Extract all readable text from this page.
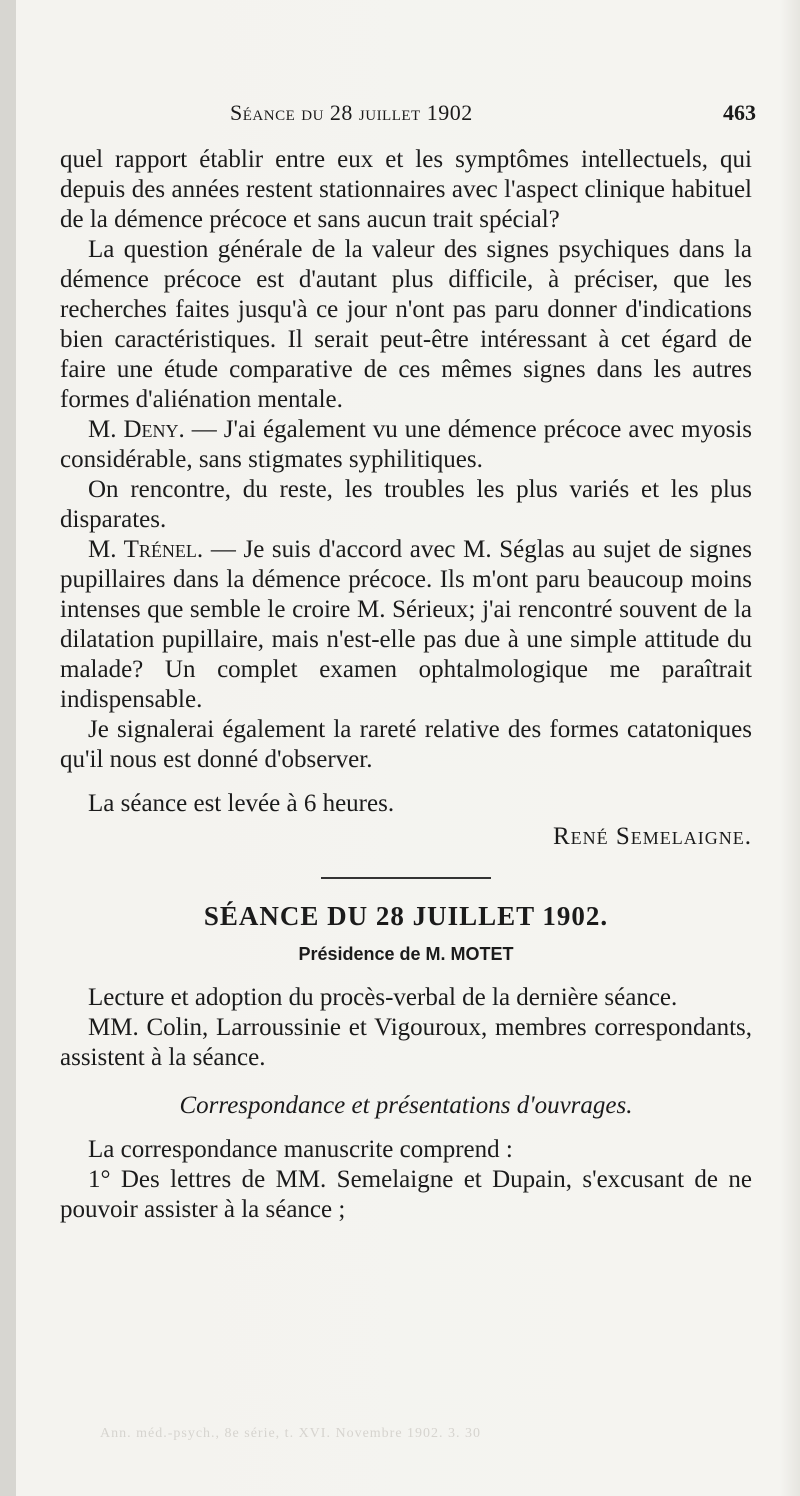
Séance du 28 juillet 1902	463

quel rapport établir entre eux et les symptômes intellectuels, qui depuis des années restent stationnaires avec l'aspect clinique habituel de la démence précoce et sans aucun trait spécial?

La question générale de la valeur des signes psychiques dans la démence précoce est d'autant plus difficile, à préciser, que les recherches faites jusqu'à ce jour n'ont pas paru donner d'indications bien caractéristiques. Il serait peut-être intéressant à cet égard de faire une étude comparative de ces mêmes signes dans les autres formes d'aliénation mentale.

M. Deny. — J'ai également vu une démence précoce avec myosis considérable, sans stigmates syphilitiques.

On rencontre, du reste, les troubles les plus variés et les plus disparates.

M. Trénel. — Je suis d'accord avec M. Séglas au sujet de signes pupillaires dans la démence précoce. Ils m'ont paru beaucoup moins intenses que semble le croire M. Sérieux; j'ai rencontré souvent de la dilatation pupillaire, mais n'est-elle pas due à une simple attitude du malade? Un complet examen ophtalmologique me paraîtrait indispensable.

Je signalerai également la rareté relative des formes catatoniques qu'il nous est donné d'observer.

La séance est levée à 6 heures.

René Semelaigne.
SÉANCE DU 28 JUILLET 1902.
Présidence de M. MOTET

Lecture et adoption du procès-verbal de la dernière séance.

MM. Colin, Larroussinie et Vigouroux, membres correspondants, assistent à la séance.

Correspondance et présentations d'ouvrages.

La correspondance manuscrite comprend :

1° Des lettres de MM. Semelaigne et Dupain, s'excusant de ne pouvoir assister à la séance ;

Ann. méd.-psych., 8e série, t. XVI. Novembre 1902. 3. 30
